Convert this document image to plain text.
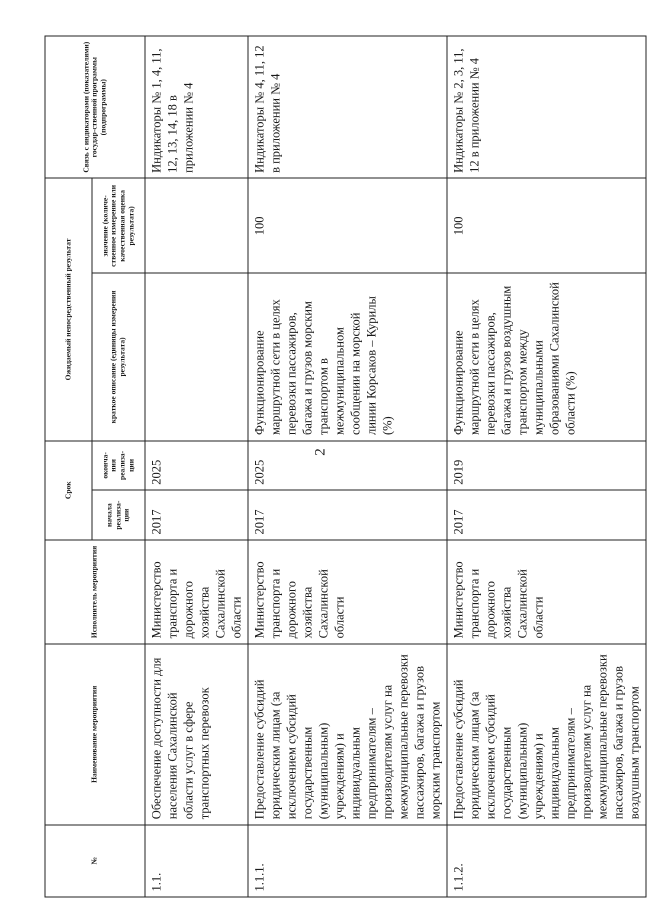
2
№	Наименование мероприятия	Исполнитель мероприятия	Срок		Ожидаемый непосредственный результат		Связь с индикаторами (показателями) государ-ственной программы (подпрограммы)
			начала реализа-ции	оконча-ния реализа-ции	краткое описание (единицы измерения результата)	значение (количе-ственное измерение или качественная оценка результата)	
1.1.	Обеспечение доступности для населения Сахалинской области услуг в сфере транспортных перевозок	Министерство транспорта и дорожного хозяйства Сахалинской области	2017	2025			Индикаторы № 1, 4, 11, 12, 13, 14, 18 в приложении № 4
1.1.1.	Предоставление субсидий юридическим лицам (за исключением субсидий государственным (муниципальным) учреждениям) и индивидуальным предпринимателям – производителям услуг на межмуниципальные перевозки пассажиров, багажа и грузов морским транспортом	Министерство транспорта и дорожного хозяйства Сахалинской области	2017	2025	Функционирование маршрутной сети в целях перевозки пассажиров, багажа и грузов морским транспортом в межмуниципальном сообщении на морской линии Корсаков – Курилы (%)	100	Индикаторы № 4, 11, 12 в приложении № 4
1.1.2.	Предоставление субсидий юридическим лицам (за исключением субсидий государственным (муниципальным) учреждениям) и индивидуальным предпринимателям – производителям услуг на межмуниципальные перевозки пассажиров, багажа и грузов воздушным транспортом	Министерство транспорта и дорожного хозяйства Сахалинской области	2017	2019	Функционирование маршрутной сети в целях перевозки пассажиров, багажа и грузов воздушным транспортом между муниципальными образованиями Сахалинской области (%)	100	Индикаторы № 2, 3, 11, 12 в приложении № 4
